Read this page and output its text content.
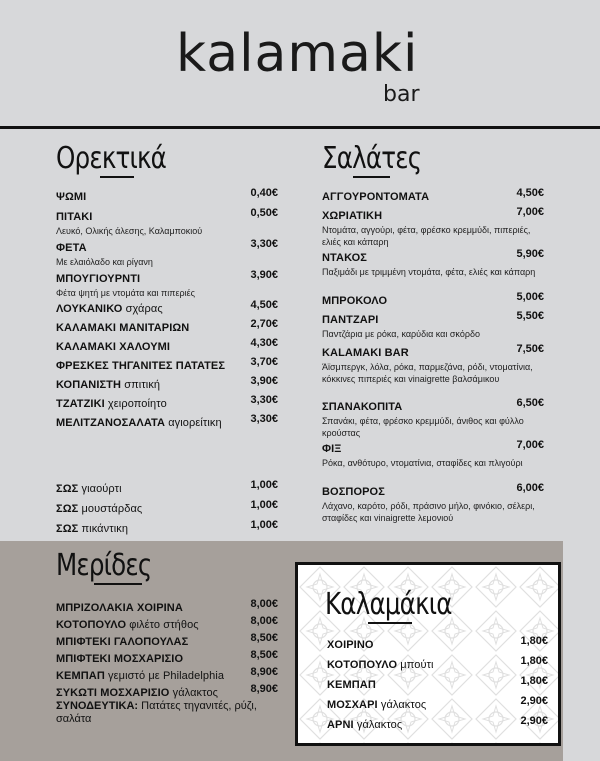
kalamaki
bar
Ορεκτικά
ΨΩΜΙ	0,40€
ΠΙΤΑΚΙ	0,50€
Λευκό, Ολικής άλεσης, Καλαμποκιού
ΦΕΤΑ	3,30€
Με ελαιόλαδο και ρίγανη
ΜΠΟΥΓΙΟΥΡΝΤΙ	3,90€
Φέτα ψητή με ντομάτα και πιπεριές
ΛΟΥΚΑΝΙΚΟ σχάρας	4,50€
ΚΑΛΑΜΑΚΙ ΜΑΝΙΤΑΡΙΩΝ	2,70€
ΚΑΛΑΜΑΚΙ ΧΑΛΟΥΜΙ	4,30€
ΦΡΕΣΚΕΣ ΤΗΓΑΝΙΤΕΣ ΠΑΤΑΤΕΣ 3,70€
ΚΟΠΑΝΙΣΤΗ σπιτική	3,90€
ΤΖΑΤΖΙΚΙ χειροποίητο	3,30€
ΜΕΛΙΤΖΑΝΟΣΑΛΑΤΑ αγιορείτικη	3,30€
ΣΩΣ γιαούρτι	1,00€
ΣΩΣ μουστάρδας	1,00€
ΣΩΣ πικάντικη	1,00€
Σαλάτες
ΑΓΓΟΥΡΟΝΤΟΜΑΤΑ	4,50€
ΧΩΡΙΑΤΙΚΗ	7,00€
Ντομάτα, αγγούρι, φέτα, φρέσκο κρεμμύδι, πιπεριές, ελιές και κάπαρη
ΝΤΑΚΟΣ	5,90€
Παξιμάδι με τριμμένη ντομάτα, φέτα, ελιές και κάπαρη
ΜΠΡΟΚΟΛΟ	5,00€
ΠΑΝΤΖΑΡΙ	5,50€
Παντζάρια με ρόκα, καρύδια και σκόρδο
KALAMAKI BAR	7,50€
Άϊσμπεργκ, λόλα, ρόκα, παρμεζάνα, ρόδι, ντοματίνια, κόκκινες πιπεριές και vinaigrette βαλσάμικου
ΣΠΑΝΑΚΟΠΙΤΑ	6,50€
Σπανάκι, φέτα, φρέσκο κρεμμύδι, άνιθος και φύλλο κρούστας
ΦΙΞ	7,00€
Ρόκα, ανθότυρο, ντοματίνια, σταφίδες και πλιγούρι
ΒΟΣΠΟΡΟΣ	6,00€
Λάχανο, καρότο, ρόδι, πράσινο μήλο, φινόκιο, σέλερι, σταφίδες και vinaigrette λεμονιού
Μερίδες
ΜΠΡΙΖΟΛΑΚΙΑ ΧΟΙΡΙΝΑ	8,00€
ΚΟΤΟΠΟΥΛΟ φιλέτο στήθος	8,00€
ΜΠΙΦΤΕΚΙ ΓΑΛΟΠΟΥΛΑΣ	8,50€
ΜΠΙΦΤΕΚΙ ΜΟΣΧΑΡΙΣΙΟ	8,50€
ΚΕΜΠΑΠ γεμιστό με Philadelphia 8,90€
ΣΥΚΩΤΙ ΜΟΣΧΑΡΙΣΙΟ γάλακτος	8,90€
ΣΥΝΟΔΕΥΤΙΚΑ: Πατάτες τηγανιτές, ρύζι, σαλάτα
Καλαμάκια
ΧΟΙΡΙΝΟ	1,80€
ΚΟΤΟΠΟΥΛΟ μπούτι	1,80€
ΚΕΜΠΑΠ	1,80€
ΜΟΣΧΑΡΙ γάλακτος	2,90€
ΑΡΝΙ γάλακτος	2,90€
